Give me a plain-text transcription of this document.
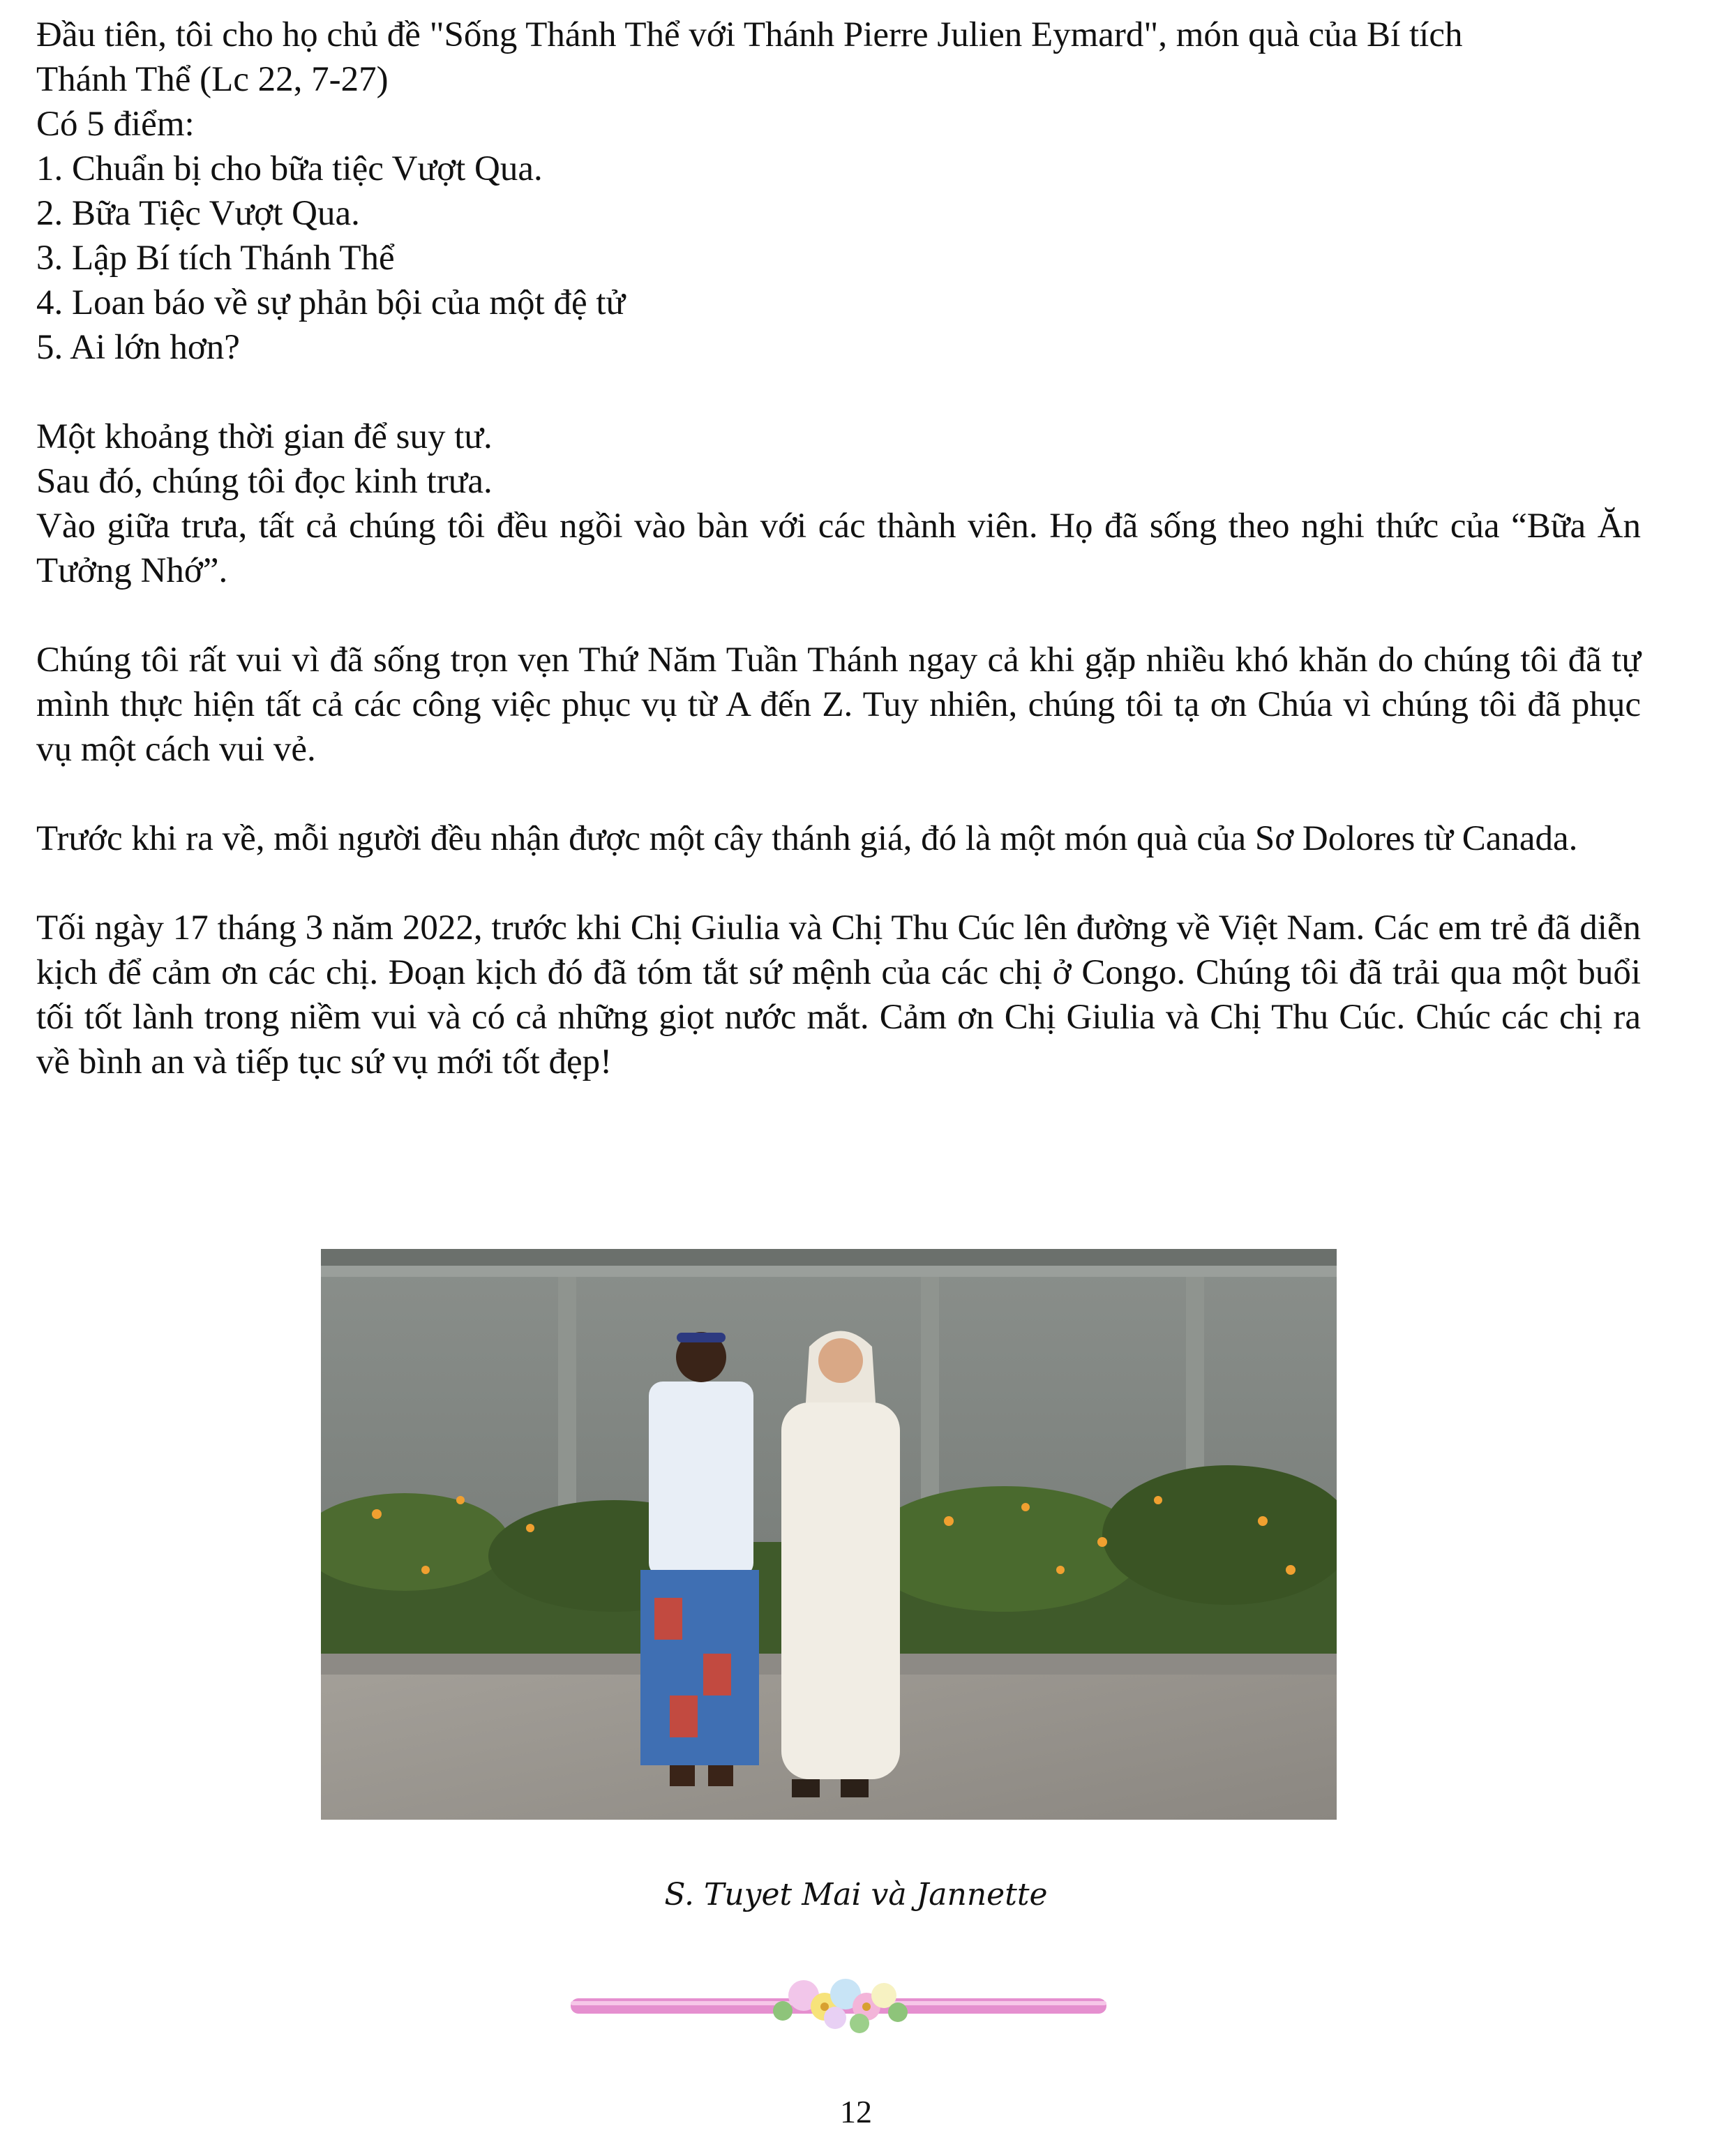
Đầu tiên, tôi cho họ chủ đề "Sống Thánh Thể với Thánh Pierre Julien Eymard", món quà của Bí tích
Thánh Thể (Lc 22, 7-27)

Có 5 điểm:

1. Chuẩn bị cho bữa tiệc Vượt Qua.

2. Bữa Tiệc Vượt Qua.

3. Lập Bí tích Thánh Thể

4. Loan báo về sự phản bội của một đệ tử

5. Ai lớn hơn?

Một khoảng thời gian để suy tư.

Sau đó, chúng tôi đọc kinh trưa.

Vào giữa trưa, tất cả chúng tôi đều ngồi vào bàn với các thành viên. Họ đã sống theo nghi thức của “Bữa Ăn Tưởng Nhớ”.

Chúng tôi rất vui vì đã sống trọn vẹn Thứ Năm Tuần Thánh ngay cả khi gặp nhiều khó khăn do chúng tôi đã tự mình thực hiện tất cả các công việc phục vụ từ A đến Z. Tuy nhiên, chúng tôi tạ ơn Chúa vì chúng tôi đã phục vụ một cách vui vẻ.

Trước khi ra về, mỗi người đều nhận được một cây thánh giá, đó là một món quà của Sơ Dolores từ Canada.

Tối ngày 17 tháng 3 năm 2022, trước khi Chị Giulia và Chị Thu Cúc lên đường về Việt Nam. Các em trẻ đã diễn kịch để cảm ơn các chị. Đoạn kịch đó đã tóm tắt sứ mệnh của các chị ở Congo. Chúng tôi đã trải qua một buổi tối tốt lành trong niềm vui và có cả những giọt nước mắt. Cảm ơn Chị Giulia và Chị Thu Cúc. Chúc các chị ra về bình an và tiếp tục sứ vụ mới tốt đẹp!

S. Tuyet Mai và Jannette
12
